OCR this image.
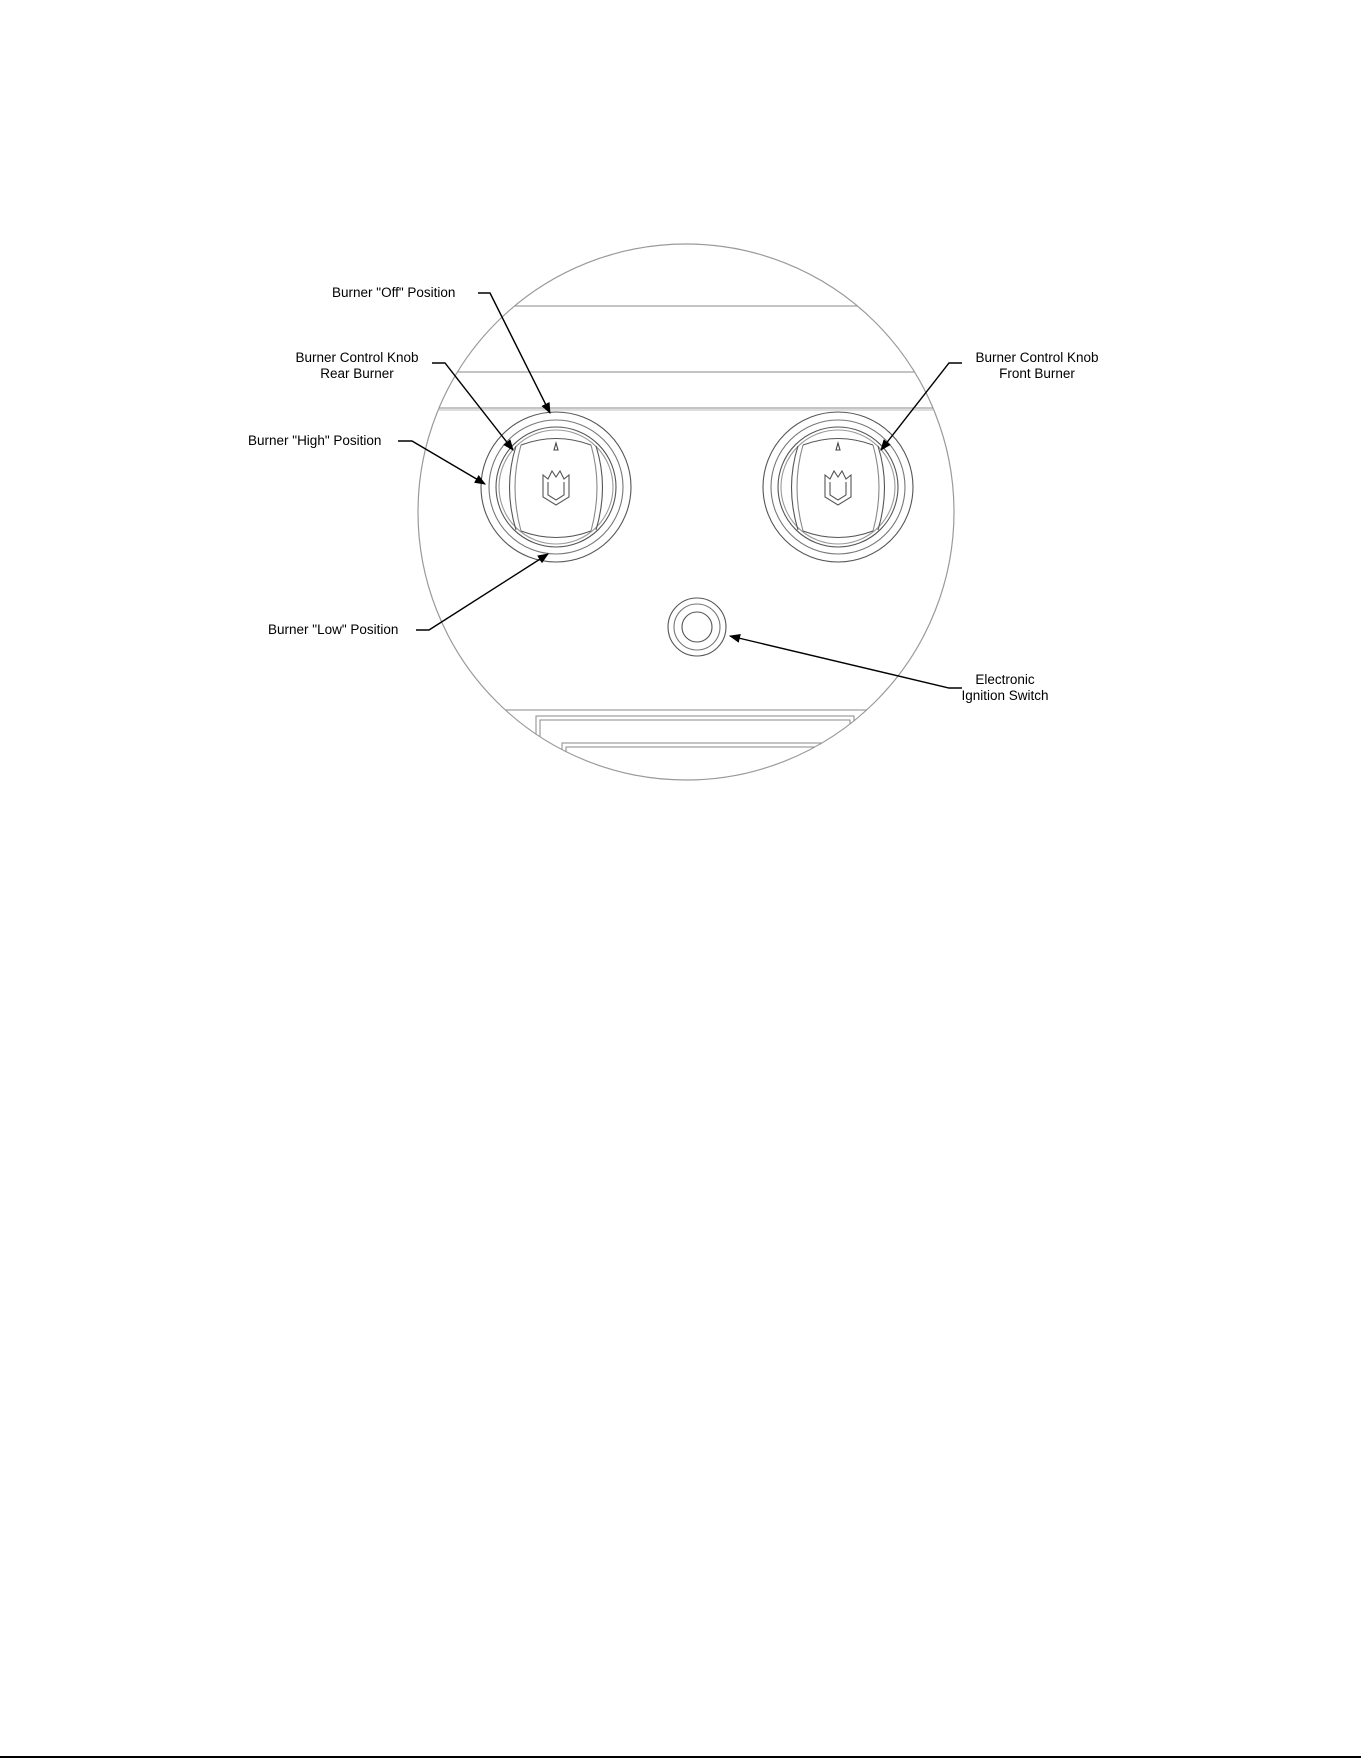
Burner "Off" Position
Burner Control Knob
Rear Burner
Burner "High" Position
Burner "Low" Position
Burner Control Knob
Front Burner
Electronic
Ignition Switch
